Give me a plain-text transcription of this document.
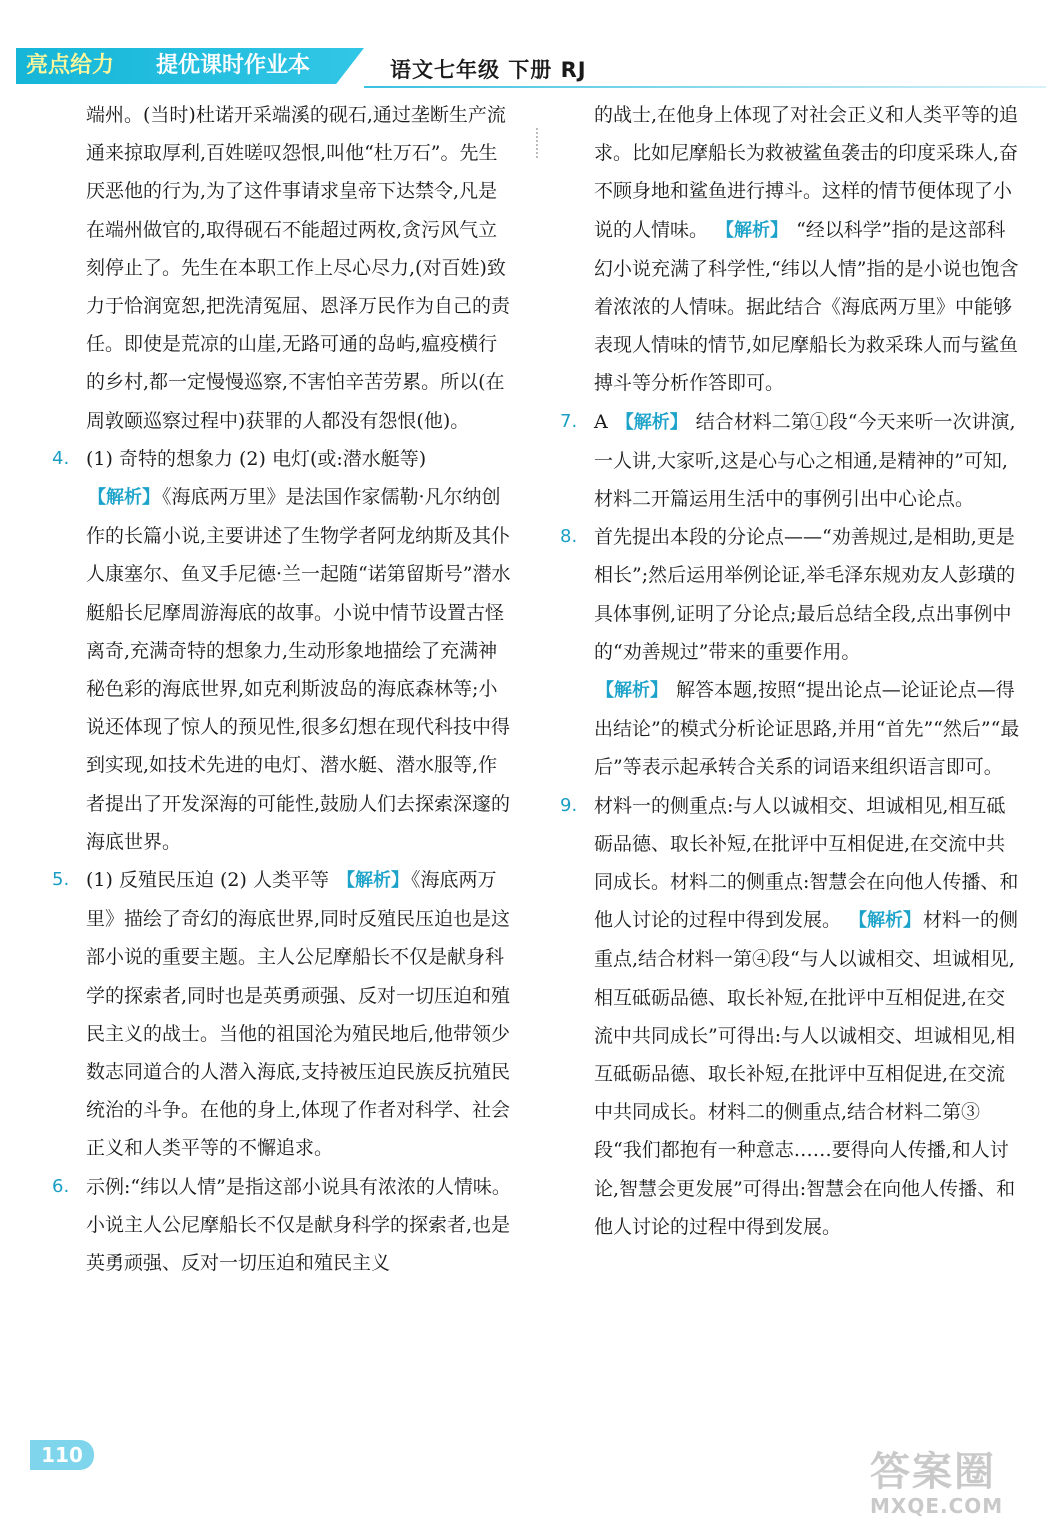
亮点给力 提优课时作业本	语文七年级 下册 RJ

端州。(当时)杜诺开采端溪的砚石,通过垄断生产流通来掠取厚利,百姓嗟叹怨恨,叫他“杜万石”。先生厌恶他的行为,为了这件事请求皇帝下达禁令,凡是在端州做官的,取得砚石不能超过两枚,贪污风气立刻停止了。先生在本职工作上尽心尽力,(对百姓)致力于恰润宽恕,把洗清冤屈、恩泽万民作为自己的责任。即使是荒凉的山崖,无路可通的岛屿,瘟疫横行的乡村,都一定慢慢巡察,不害怕辛苦劳累。所以(在周敦颐巡察过程中)获罪的人都没有怨恨(他)。

4. (1) 奇特的想象力 (2) 电灯(或:潜水艇等)
【解析】 《海底两万里》是法国作家儒勒·凡尔纳创作的长篇小说,主要讲述了生物学者阿龙纳斯及其仆人康塞尔、鱼叉手尼德·兰一起随“诺第留斯号”潜水艇船长尼摩周游海底的故事。小说中情节设置古怪离奇,充满奇特的想象力,生动形象地描绘了充满神秘色彩的海底世界,如克利斯波岛的海底森林等;小说还体现了惊人的预见性,很多幻想在现代科技中得到实现,如技术先进的电灯、潜水艇、潜水服等,作者提出了开发深海的可能性,鼓励人们去探索深邃的海底世界。

5. (1) 反殖民压迫 (2) 人类平等 【解析】 《海底两万里》描绘了奇幻的海底世界,同时反殖民压迫也是这部小说的重要主题。主人公尼摩船长不仅是献身科学的探索者,同时也是英勇顽强、反对一切压迫和殖民主义的战士。当他的祖国沦为殖民地后,他带领少数志同道合的人潜入海底,支持被压迫民族反抗殖民统治的斗争。在他的身上,体现了作者对科学、社会正义和人类平等的不懈追求。

6. 示例:“纬以人情”是指这部小说具有浓浓的人情味。小说主人公尼摩船长不仅是献身科学的探索者,也是英勇顽强、反对一切压迫和殖民主义

的战士,在他身上体现了对社会正义和人类平等的追求。比如尼摩船长为救被鲨鱼袭击的印度采珠人,奋不顾身地和鲨鱼进行搏斗。这样的情节便体现了小说的人情味。 【解析】 “经以科学”指的是这部科幻小说充满了科学性,“纬以人情”指的是小说也饱含着浓浓的人情味。据此结合《海底两万里》中能够表现人情味的情节,如尼摩船长为救采珠人而与鲨鱼搏斗等分析作答即可。

7. A 【解析】 结合材料二第①段“今天来听一次讲演,一人讲,大家听,这是心与心之相通,是精神的”可知,材料二开篇运用生活中的事例引出中心论点。

8. 首先提出本段的分论点——“劝善规过,是相助,更是相长”;然后运用举例论证,举毛泽东规劝友人彭璜的具体事例,证明了分论点;最后总结全段,点出事例中的“劝善规过”带来的重要作用。
【解析】 解答本题,按照“提出论点—论证论点—得出结论”的模式分析论证思路,并用“首先”“然后”“最后”等表示起承转合关系的词语来组织语言即可。

9. 材料一的侧重点:与人以诚相交、坦诚相见,相互砥砺品德、取长补短,在批评中互相促进,在交流中共同成长。材料二的侧重点:智慧会在向他人传播、和他人讨论的过程中得到发展。 【解析】 材料一的侧重点,结合材料一第④段“与人以诚相交、坦诚相见,相互砥砺品德、取长补短,在批评中互相促进,在交流中共同成长”可得出:与人以诚相交、坦诚相见,相互砥砺品德、取长补短,在批评中互相促进,在交流中共同成长。材料二的侧重点,结合材料二第③段“我们都抱有一种意志……要得向人传播,和人讨论,智慧会更发展”可得出:智慧会在向他人传播、和他人讨论的过程中得到发展。

110	答案圈
MXQE.COM
